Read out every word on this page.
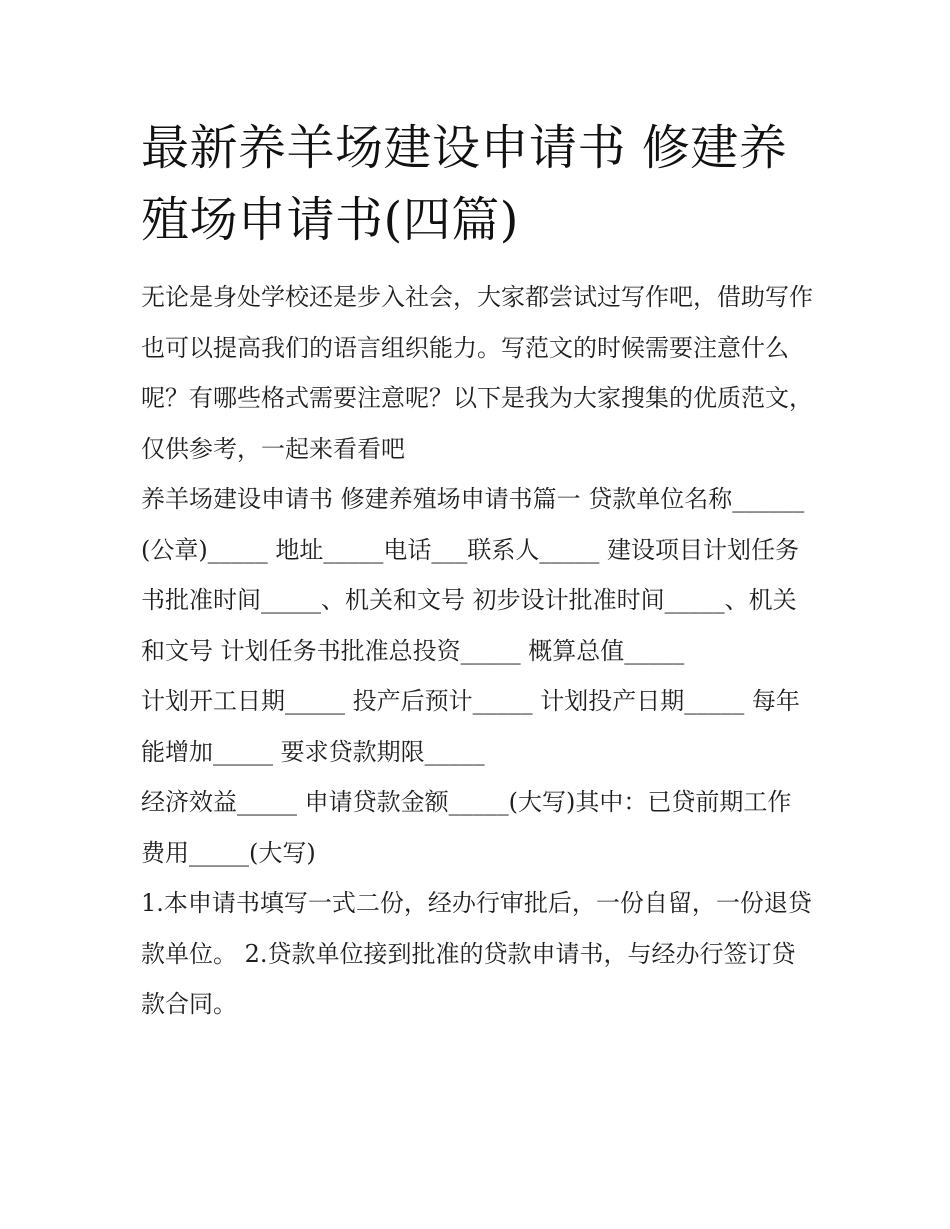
最新养羊场建设申请书 修建养
殖场申请书(四篇)

无论是身处学校还是步入社会，大家都尝试过写作吧，借助写作也可以提高我们的语言组织能力。写范文的时候需要注意什么呢？有哪些格式需要注意呢？以下是我为大家搜集的优质范文，仅供参考，一起来看看吧

养羊场建设申请书 修建养殖场申请书篇一 贷款单位名称______(公章)_____ 地址_____电话___联系人_____ 建设项目计划任务书批准时间_____、机关和文号 初步设计批准时间_____、机关和文号 计划任务书批准总投资_____ 概算总值_____

计划开工日期_____ 投产后预计_____ 计划投产日期_____ 每年能增加_____ 要求贷款期限_____

经济效益_____ 申请贷款金额_____(大写)其中：已贷前期工作费用_____(大写)

1.本申请书填写一式二份，经办行审批后，一份自留，一份退贷款单位。 2.贷款单位接到批准的贷款申请书，与经办行签订贷款合同。
